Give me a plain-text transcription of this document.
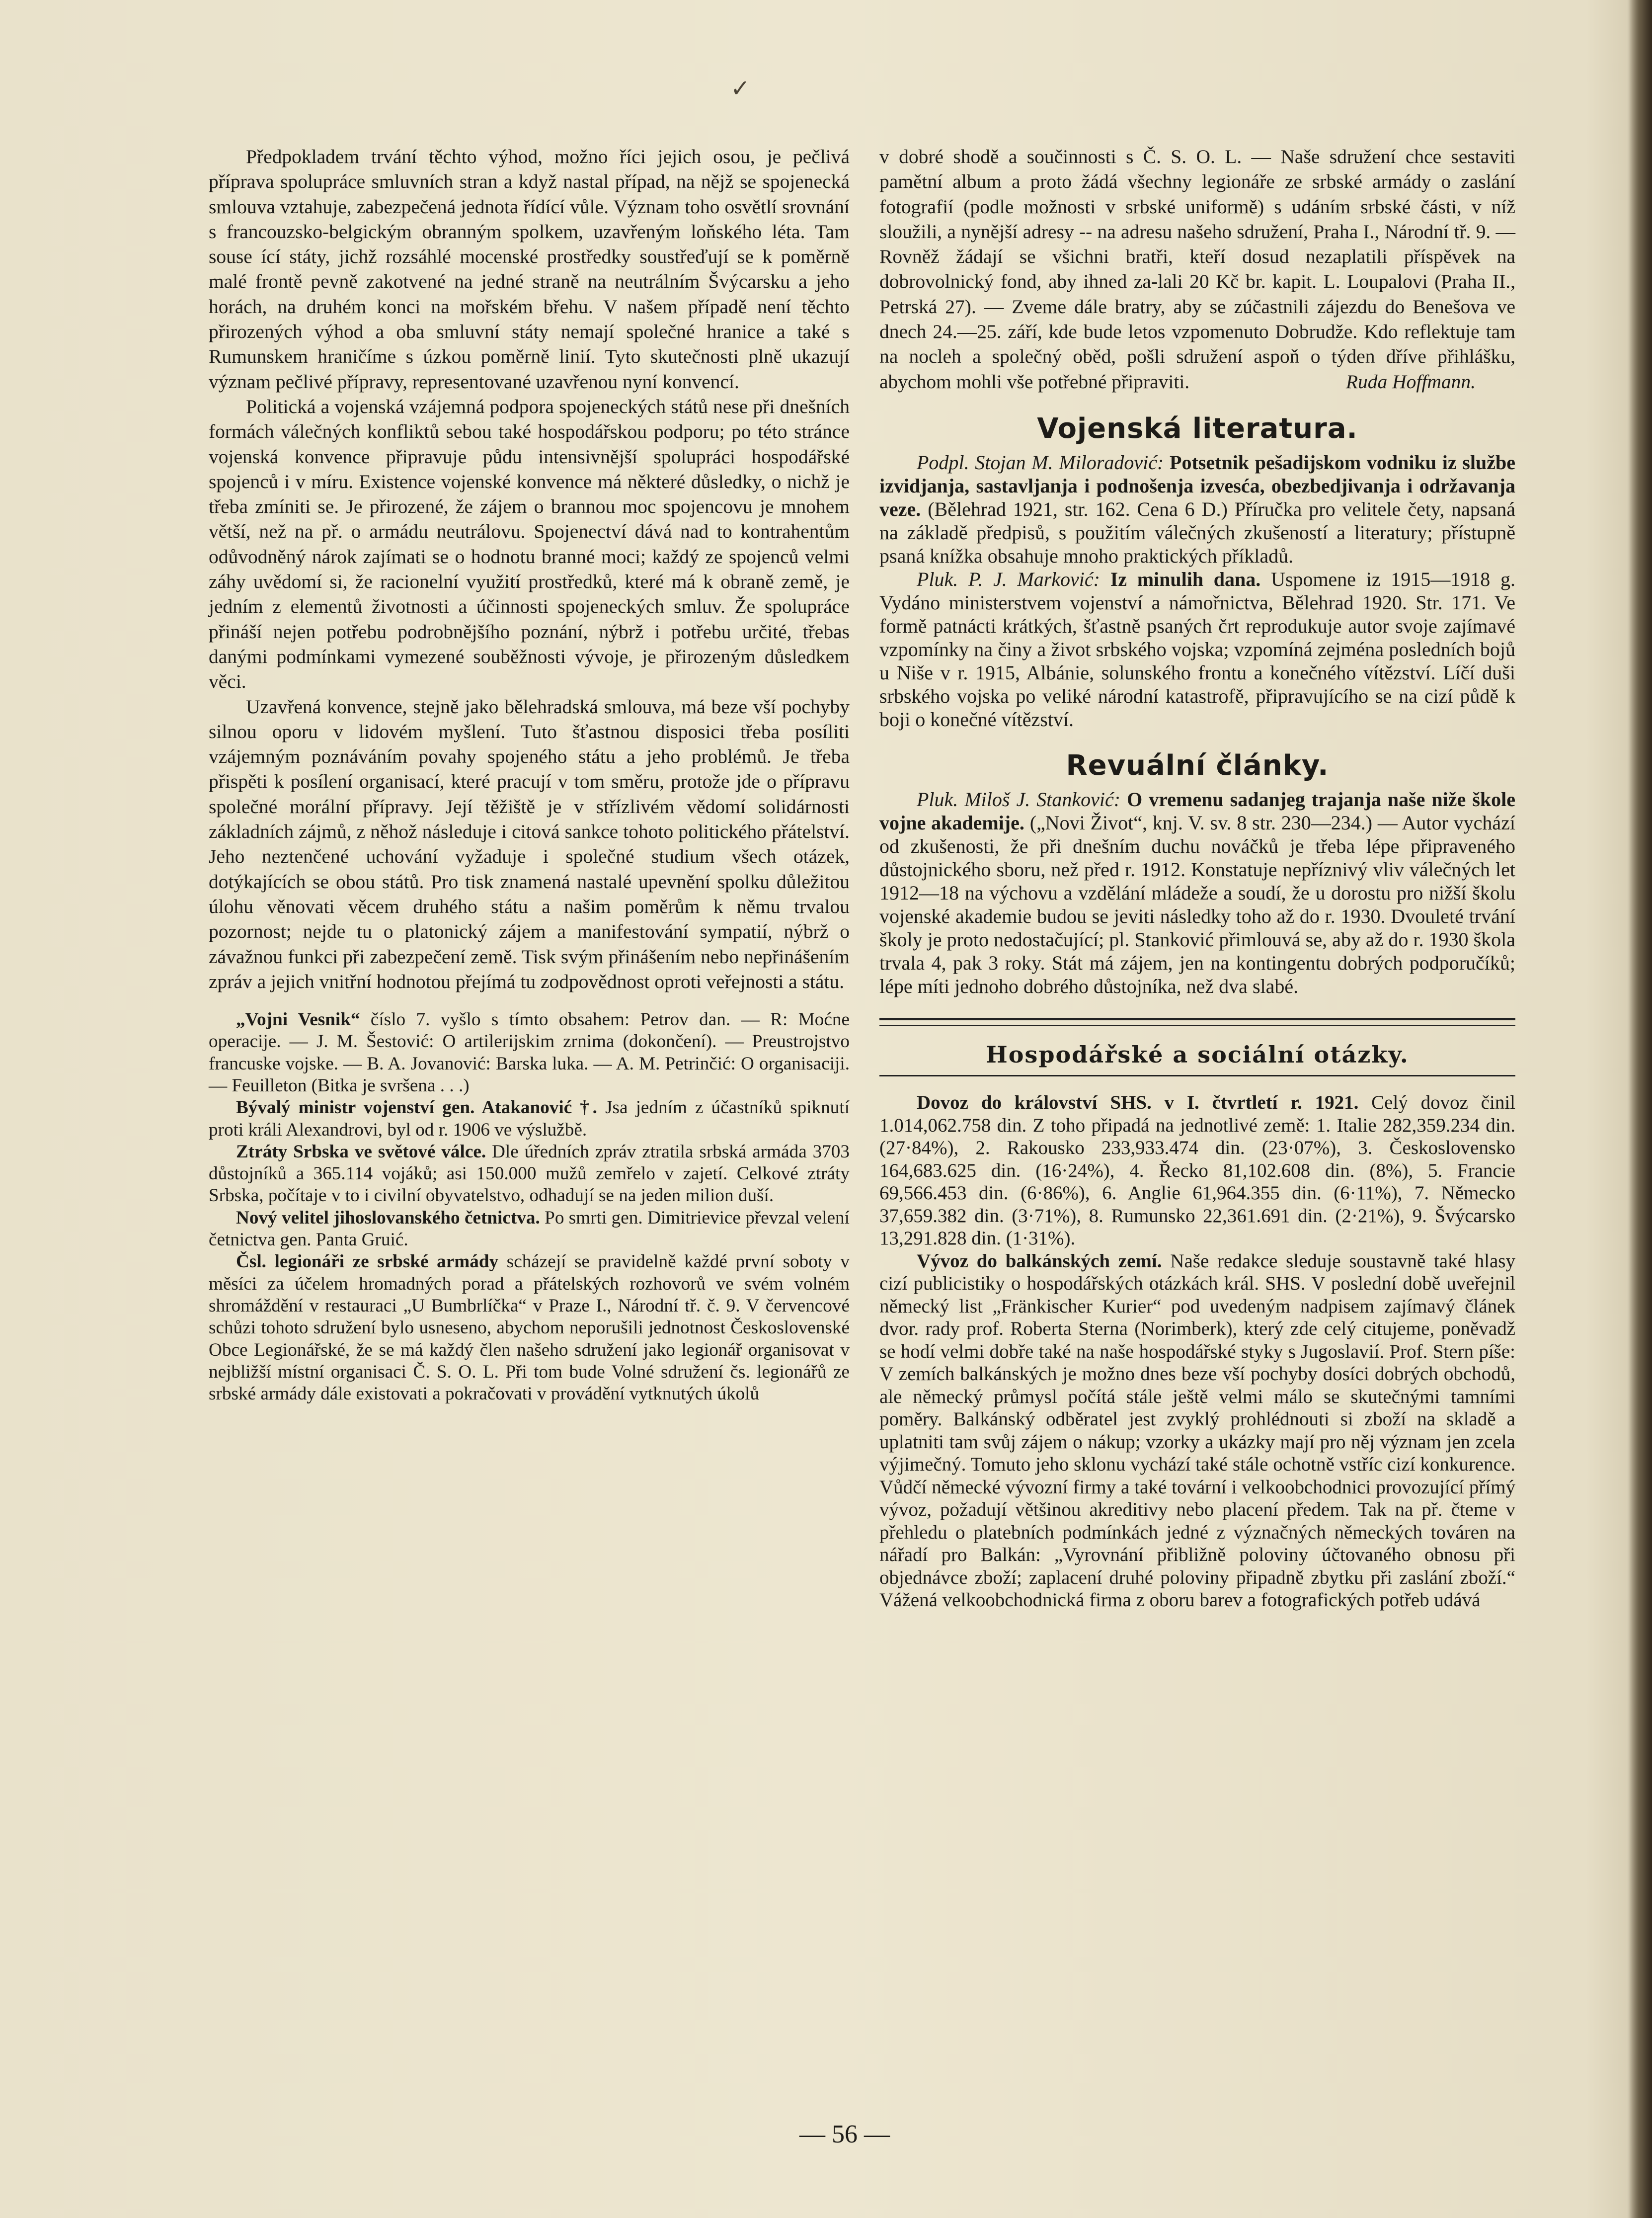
✓

Předpokladem trvání těchto výhod, možno říci jejich osou, je pečlivá příprava spolupráce smluvních stran a když nastal případ, na nějž se spojenecká smlouva vztahuje, zabezpečená jednota řídící vůle. Význam toho osvětlí srovnání s francouzsko-belgickým obranným spolkem, uzavřeným loňského léta. Tam souse ící státy, jichž rozsáhlé mocenské prostředky soustřeďují se k poměrně malé frontě pevně zakotvené na jedné straně na neutrálním Švýcarsku a jeho horách, na druhém konci na mořském břehu. V našem případě není těchto přirozených výhod a oba smluvní státy nemají společné hranice a také s Rumunskem hraničíme s úzkou poměrně linií. Tyto skutečnosti plně ukazují význam pečlivé přípravy, representované uzavřenou nyní konvencí.

Politická a vojenská vzájemná podpora spojeneckých států nese při dnešních formách válečných konfliktů sebou také hospodářskou podporu; po této stránce vojenská konvence připravuje půdu intensivnější spolupráci hospodářské spojenců i v míru. Existence vojenské konvence má některé důsledky, o nichž je třeba zmíniti se. Je přirozené, že zájem o brannou moc spojencovu je mnohem větší, než na př. o armádu neutrálovu. Spojenectví dává nad to kontrahentům odůvodněný nárok zajímati se o hodnotu branné moci; každý ze spojenců velmi záhy uvědomí si, že racionelní využití prostředků, které má k obraně země, je jedním z elementů životnosti a účinnosti spojeneckých smluv. Že spolupráce přináší nejen potřebu podrobnějšího poznání, nýbrž i potřebu určité, třebas danými podmínkami vymezené souběžnosti vývoje, je přirozeným důsledkem věci.

Uzavřená konvence, stejně jako bělehradská smlouva, má beze vší pochyby silnou oporu v lidovém myšlení. Tuto šťastnou disposici třeba posíliti vzájemným poznáváním povahy spojeného státu a jeho problémů. Je třeba přispěti k posílení organisací, které pracují v tom směru, protože jde o přípravu společné morální přípravy. Její těžiště je v střízlivém vědomí solidárnosti základních zájmů, z něhož následuje i citová sankce tohoto politického přátelství. Jeho neztenčené uchování vyžaduje i společné studium všech otázek, dotýkajících se obou států. Pro tisk znamená nastalé upevnění spolku důležitou úlohu věnovati věcem druhého státu a našim poměrům k němu trvalou pozornost; nejde tu o platonický zájem a manifestování sympatií, nýbrž o závažnou funkci při zabezpečení země. Tisk svým přinášením nebo nepřinášením zpráv a jejich vnitřní hodnotou přejímá tu zodpovědnost oproti veřejnosti a státu.

„Vojni Vesnik“ číslo 7. vyšlo s tímto obsahem: Petrov dan. — R: Moćne operacije. — J. M. Šestović: O artilerijskim zrnima (dokončení). — Preustrojstvo francuske vojske. — B. A. Jovanović: Barska luka. — A. M. Petrinčić: O organisaciji. — Feuilleton (Bitka je svršena . . .)

Bývalý ministr vojenství gen. Atakanović †. Jsa jedním z účastníků spiknutí proti králi Alexandrovi, byl od r. 1906 ve výslužbě.

Ztráty Srbska ve světové válce. Dle úředních zpráv ztratila srbská armáda 3703 důstojníků a 365.114 vojáků; asi 150.000 mužů zemřelo v zajetí. Celkové ztráty Srbska, počítaje v to i civilní obyvatelstvo, odhadují se na jeden milion duší.

Nový velitel jihoslovanského četnictva. Po smrti gen. Dimitrievice převzal velení četnictva gen. Panta Gruić.

Čsl. legionáři ze srbské armády scházejí se pravidelně každé první soboty v měsíci za účelem hromadných porad a přátelských rozhovorů ve svém volném shromáždění v restauraci „U Bumbrlíčka“ v Praze I., Národní tř. č. 9. V červencové schůzi tohoto sdružení bylo usneseno, abychom neporušili jednotnost Československé Obce Legionářské, že se má každý člen našeho sdružení jako legionář organisovat v nejbližší místní organisaci Č. S. O. L. Při tom bude Volné sdružení čs. legionářů ze srbské armády dále existovati a pokračovati v provádění vytknutých úkolů

v dobré shodě a součinnosti s Č. S. O. L. — Naše sdružení chce sestaviti pamětní album a proto žádá všechny legionáře ze srbské armády o zaslání fotografií (podle možnosti v srbské uniformě) s udáním srbské části, v níž sloužili, a nynější adresy -- na adresu našeho sdružení, Praha I., Národní tř. 9. — Rovněž žádají se všichni bratři, kteří dosud nezaplatili příspěvek na dobrovolnický fond, aby ihned za-lali 20 Kč br. kapit. L. Loupalovi (Praha II., Petrská 27). — Zveme dále bratry, aby se zúčastnili zájezdu do Benešova ve dnech 24.—25. září, kde bude letos vzpomenuto Dobrudže. Kdo reflektuje tam na nocleh a společný oběd, pošli sdružení aspoň o týden dříve přihlášku, abychom mohli vše potřebné připraviti.	Ruda Hoffmann.
Vojenská literatura.

Podpl. Stojan M. Miloradović: Potsetnik pešadijskom vodniku iz službe izvidjanja, sastavljanja i podnošenja izvesća, obezbedjivanja i održavanja veze. (Bělehrad 1921, str. 162. Cena 6 D.) Příručka pro velitele čety, napsaná na základě předpisů, s použitím válečných zkušeností a literatury; přístupně psaná knížka obsahuje mnoho praktických příkladů.

Pluk. P. J. Marković: Iz minulih dana. Uspomene iz 1915—1918 g. Vydáno ministerstvem vojenství a námořnictva, Bělehrad 1920. Str. 171. Ve formě patnácti krátkých, šťastně psaných črt reprodukuje autor svoje zajímavé vzpomínky na činy a život srbského vojska; vzpomíná zejména posledních bojů u Niše v r. 1915, Albánie, solunského frontu a konečného vítězství. Líčí duši srbského vojska po veliké národní katastrofě, připravujícího se na cizí půdě k boji o konečné vítězství.

Revuální články.

Pluk. Miloš J. Stanković: O vremenu sadanjeg trajanja naše niže škole vojne akademije. („Novi Život“, knj. V. sv. 8 str. 230—234.) — Autor vychází od zkušenosti, že při dnešním duchu nováčků je třeba lépe připraveného důstojnického sboru, než před r. 1912. Konstatuje nepříznivý vliv válečných let 1912—18 na výchovu a vzdělání mládeže a soudí, že u dorostu pro nižší školu vojenské akademie budou se jeviti následky toho až do r. 1930. Dvouleté trvání školy je proto nedostačující; pl. Stanković přimlouvá se, aby až do r. 1930 škola trvala 4, pak 3 roky. Stát má zájem, jen na kontingentu dobrých podporučíků; lépe míti jednoho dobrého důstojníka, než dva slabé.

Hospodářské a sociální otázky.

Dovoz do království SHS. v I. čtvrtletí r. 1921. Celý dovoz činil 1.014,062.758 din. Z toho připadá na jednotlivé země: 1. Italie 282,359.234 din. (27·84%), 2. Rakousko 233,933.474 din. (23·07%), 3. Československo 164,683.625 din. (16·24%), 4. Řecko 81,102.608 din. (8%), 5. Francie 69,566.453 din. (6·86%), 6. Anglie 61,964.355 din. (6·11%), 7. Německo 37,659.382 din. (3·71%), 8. Rumunsko 22,361.691 din. (2·21%), 9. Švýcarsko 13,291.828 din. (1·31%).

Vývoz do balkánských zemí. Naše redakce sleduje soustavně také hlasy cizí publicistiky o hospodářských otázkách král. SHS. V poslední době uveřejnil německý list „Fränkischer Kurier“ pod uvedeným nadpisem zajímavý článek dvor. rady prof. Roberta Sterna (Norimberk), který zde celý citujeme, poněvadž se hodí velmi dobře také na naše hospodářské styky s Jugoslavií. Prof. Stern píše: V zemích balkánských je možno dnes beze vší pochyby dosíci dobrých obchodů, ale německý průmysl počítá stále ještě velmi málo se skutečnými tamními poměry. Balkánský odběratel jest zvyklý prohlédnouti si zboží na skladě a uplatniti tam svůj zájem o nákup; vzorky a ukázky mají pro něj význam jen zcela výjimečný. Tomuto jeho sklonu vychází také stále ochotně vstříc cizí konkurence. Vůdčí německé vývozní firmy a také tovární i velkoobchodnici provozující přímý vývoz, požadují většinou akreditivy nebo placení předem. Tak na př. čteme v přehledu o platebních podmínkách jedné z význačných německých továren na nářadí pro Balkán: „Vyrovnání přibližně poloviny účtovaného obnosu při objednávce zboží; zaplacení druhé poloviny připadně zbytku při zaslání zboží.“ Vážená velkoobchodnická firma z oboru barev a fotografických potřeb udává

— 56 —
